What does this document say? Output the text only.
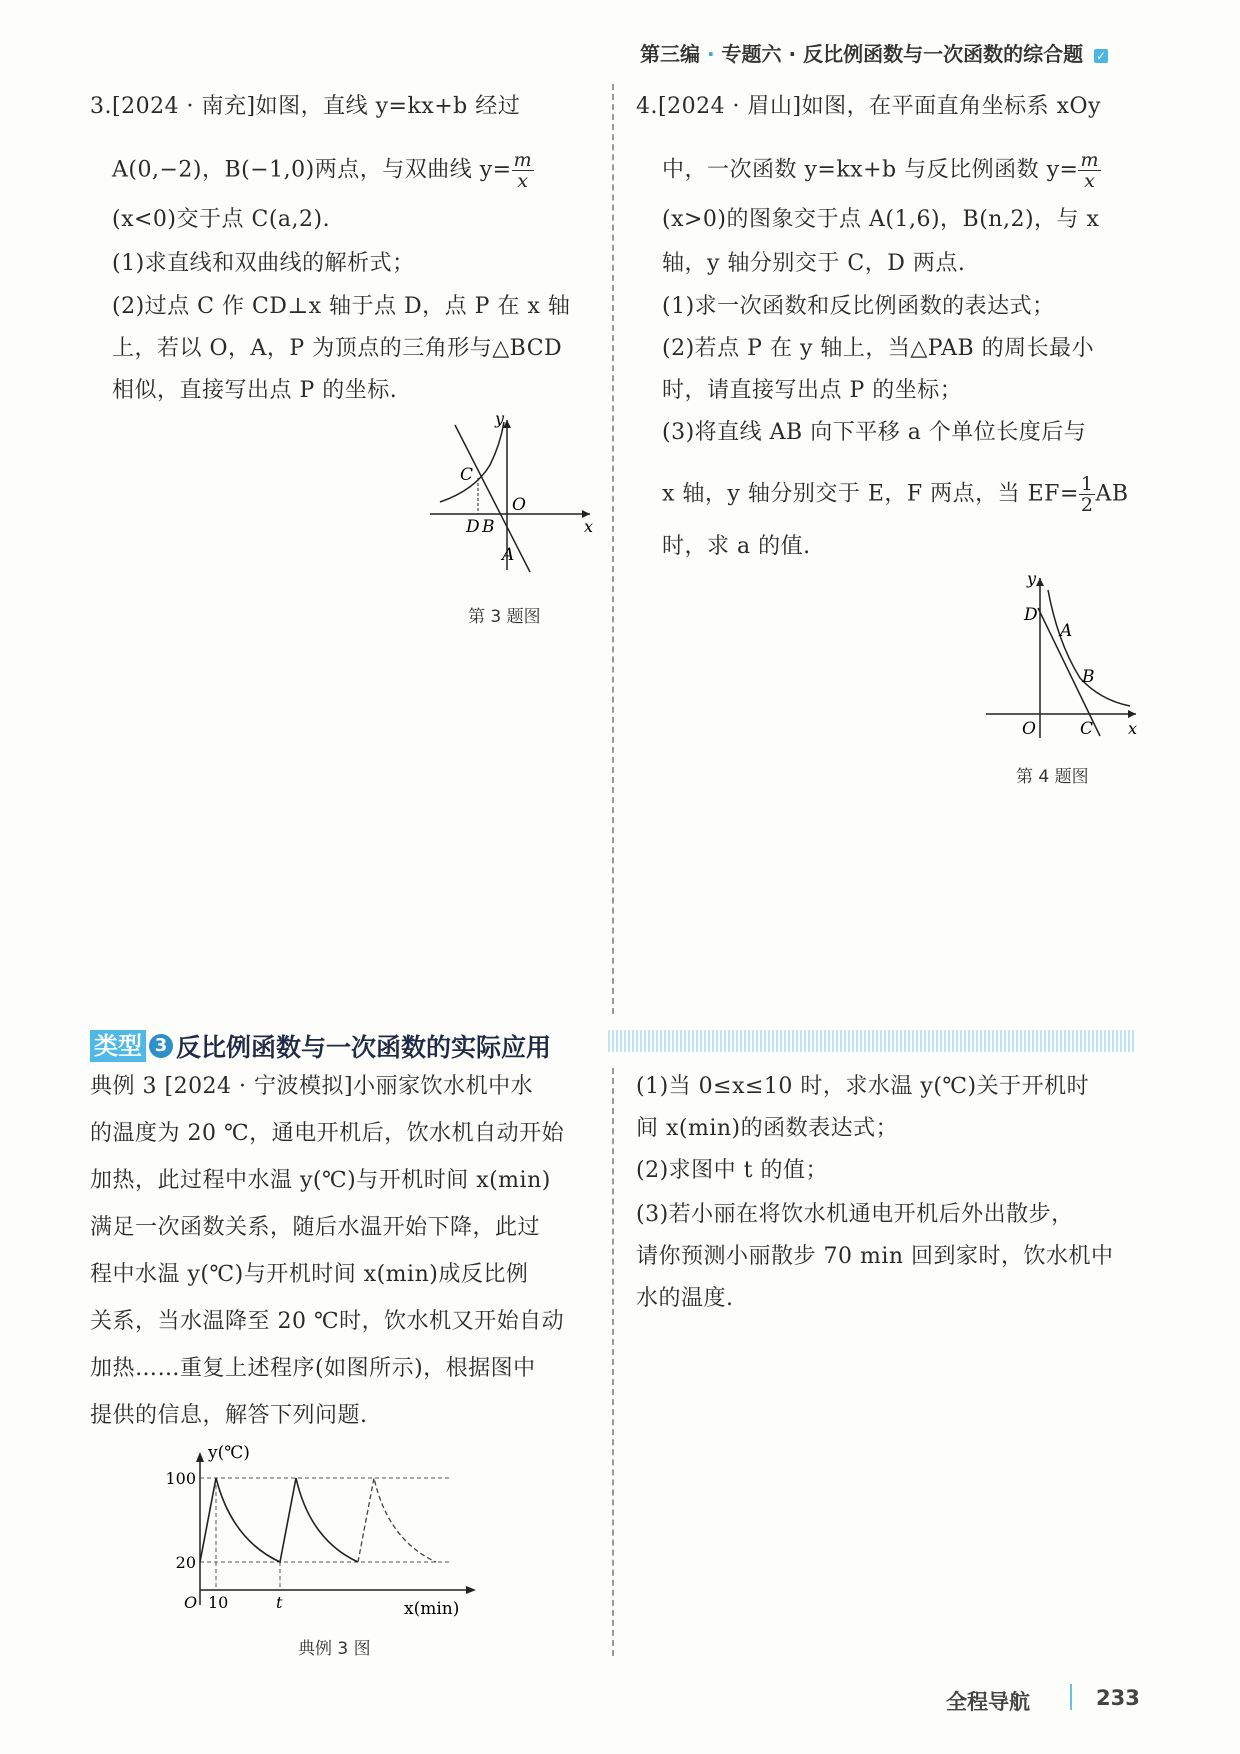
第三编 · 专题六 · 反比例函数与一次函数的综合题 ✓
3.[2024 · 南充]如图，直线 y=kx+b 经过
A(0,−2)，B(−1,0)两点，与双曲线 $y= \frac{m}{x}$
(x<0)交于点 C(a,2).
(1)求直线和双曲线的解析式；
(2)过点 C 作 CD⊥x 轴于点 D，点 P 在 x 轴
上，若以 O，A，P 为顶点的三角形与△BCD
相似，直接写出点 P 的坐标.
y
x
C
O
D B
A
第 3 题图
4.[2024 · 眉山]如图，在平面直角坐标系 xOy
中，一次函数 y=kx+b 与反比例函数 $y= \frac{m}{x}$
(x>0)的图象交于点 A(1,6)，B(n,2)，与 x
轴，y 轴分别交于 C，D 两点.
(1)求一次函数和反比例函数的表达式；
(2)若点 P 在 y 轴上，当△PAB 的周长最小
时，请直接写出点 P 的坐标；
(3)将直线 AB 向下平移 a 个单位长度后与
x 轴，y 轴分别交于 E，F 两点，当 $EF= \frac{1}{2}$ AB
时，求 a 的值.
y
x
D
A
B
O	C
第 4 题图
类型 3 反比例函数与一次函数的实际应用
典例 3 [2024 · 宁波模拟]小丽家饮水机中水
的温度为 20 ℃，通电开机后，饮水机自动开始
加热，此过程中水温 y(℃)与开机时间 x(min)
满足一次函数关系，随后水温开始下降，此过
程中水温 y(℃)与开机时间 x(min)成反比例
关系，当水温降至 20 ℃时，饮水机又开始自动
加热……重复上述程序(如图所示)，根据图中
提供的信息，解答下列问题.
y(℃)
x(min)
100
20
O 10	t
典例 3 图
(1)当 0≤x≤10 时，求水温 y(℃)关于开机时
间 x(min)的函数表达式；
(2)求图中 t 的值；
(3)若小丽在将饮水机通电开机后外出散步，
请你预测小丽散步 70 min 回到家时，饮水机中
水的温度.
全程导航	233
